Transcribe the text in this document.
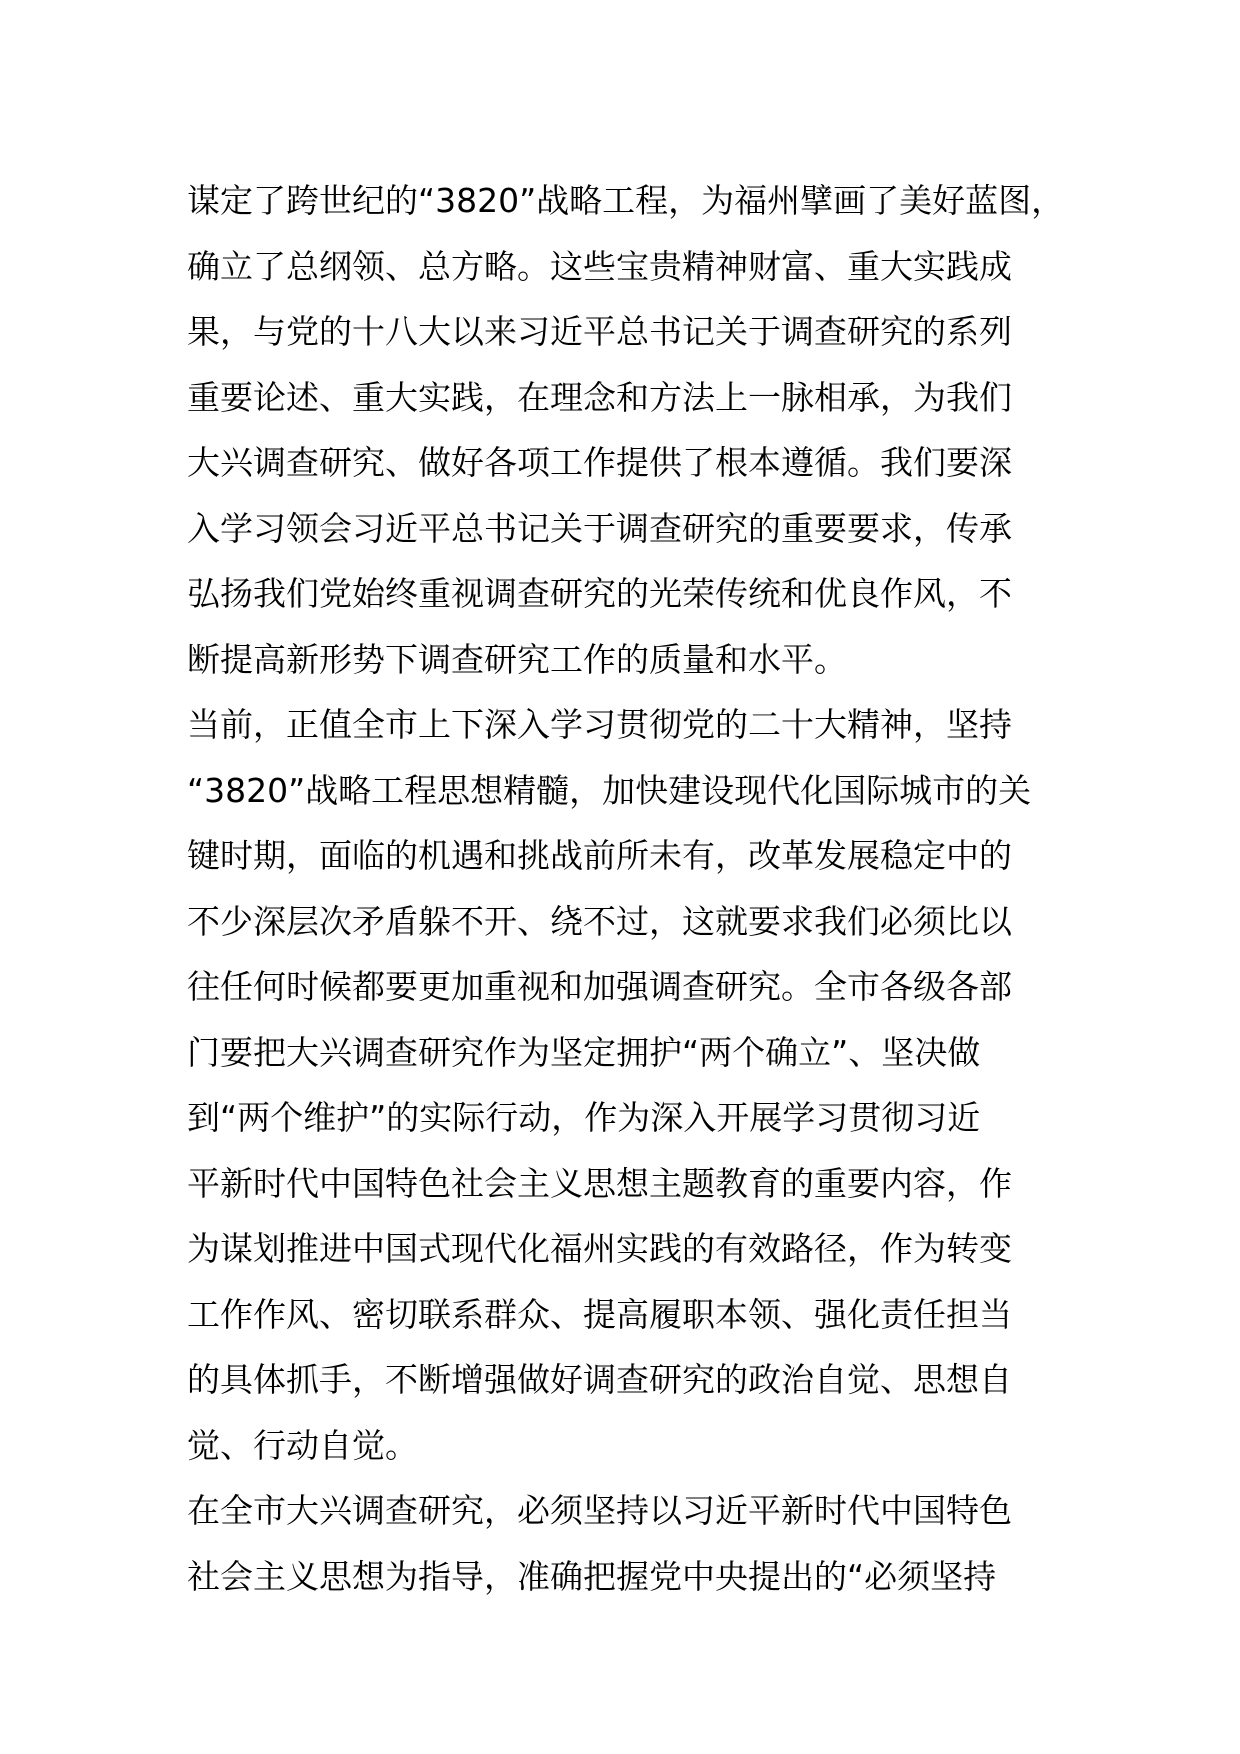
谋定了跨世纪的“3820”战略工程，为福州擘画了美好蓝图，
确立了总纲领、总方略。这些宝贵精神财富、重大实践成
果，与党的十八大以来习近平总书记关于调查研究的系列
重要论述、重大实践，在理念和方法上一脉相承，为我们
大兴调查研究、做好各项工作提供了根本遵循。我们要深
入学习领会习近平总书记关于调查研究的重要要求，传承
弘扬我们党始终重视调查研究的光荣传统和优良作风，不
断提高新形势下调查研究工作的质量和水平。
当前，正值全市上下深入学习贯彻党的二十大精神，坚持
“3820”战略工程思想精髓，加快建设现代化国际城市的关
键时期，面临的机遇和挑战前所未有，改革发展稳定中的
不少深层次矛盾躲不开、绕不过，这就要求我们必须比以
往任何时候都要更加重视和加强调查研究。全市各级各部
门要把大兴调查研究作为坚定拥护“两个确立”、坚决做
到“两个维护”的实际行动，作为深入开展学习贯彻习近
平新时代中国特色社会主义思想主题教育的重要内容，作
为谋划推进中国式现代化福州实践的有效路径，作为转变
工作作风、密切联系群众、提高履职本领、强化责任担当
的具体抓手，不断增强做好调查研究的政治自觉、思想自
觉、行动自觉。
在全市大兴调查研究，必须坚持以习近平新时代中国特色
社会主义思想为指导，准确把握党中央提出的“必须坚持
